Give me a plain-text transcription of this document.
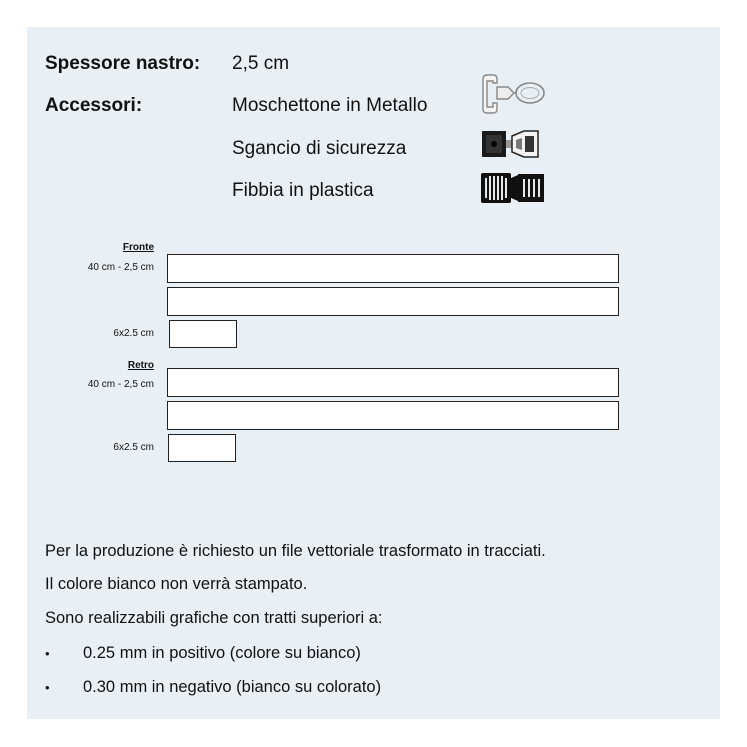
Spessore nastro: 2,5 cm
Accessori:	Moschettone in Metallo
Sgancio di sicurezza
Fibbia in plastica
Fronte
40 cm - 2,5 cm
6x2.5 cm
Retro
40 cm - 2,5 cm
6x2.5 cm
Per la produzione è richiesto un file vettoriale trasformato in tracciati.
Il colore bianco non verrà stampato.
Sono realizzabili grafiche con tratti superiori a:
• 0.25 mm in positivo (colore su bianco)
• 0.30 mm in negativo (bianco su colorato)
